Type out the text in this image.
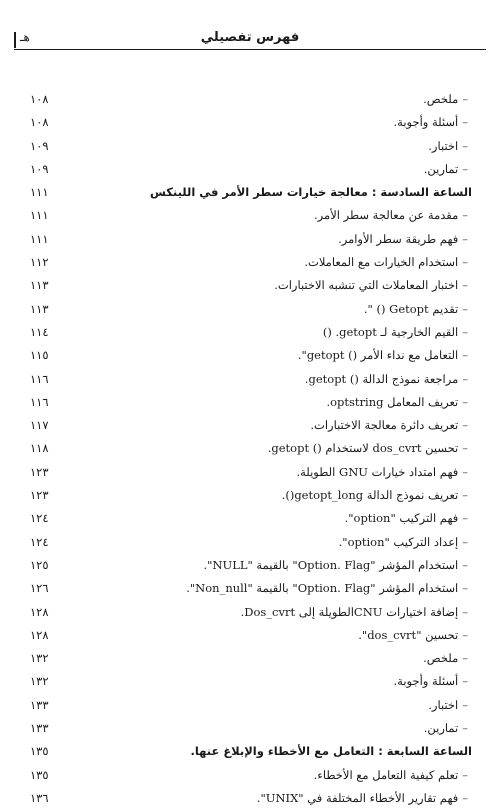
هـ	فهرس تفصيلي
–ملخص.
١٠٨
–أسئلة وأجوبة.
١٠٨
–اختبار.
١٠٩
–تمارين.
١٠٩
الساعة السادسة : معالجة خيارات سطر الأمر في اللينكس
١١١
–مقدمة عن معالجة سطر الأمر.
١١١
–فهم طريقة سطر الأوامر.
١١١
–استخدام الخيارات مع المعاملات.
١١٢
–اختبار المعاملات التي تنشبه الاختبارات.
١١٣
–تقديم Getopt () ".
١١٣
–القيم الخارجية لـ getopt. ()
١١٤
–التعامل مع نداء الأمر () getopt".
١١٥
–مراجعة نموذج الدالة () getopt.
١١٦
–تعريف المعامل optstring.
١١٦
–تعريف دائرة معالجة الاختبارات.
١١٧
–تحسين dos_cvrt لاستخدام () getopt.
١١٨
–فهم امتداد خيارات GNU الطويلة.
١٢٣
–تعريف نموذج الدالة getopt_long().
١٢٣
–فهم التركيب "option".
١٢٤
–إعداد التركيب "option".
١٢٤
–استخدام المؤشر "Option. Flag" بالقيمة "NULL".
١٢٥
–استخدام المؤشر "Option. Flag" بالقيمة "Non_null".
١٢٦
–إضافة اختيارات CNUالطويلة إلى Dos_cvrt.
١٢٨
–تحسين "dos_cvrt".
١٢٨
–ملخص.
١٣٢
–أسئلة وأجوبة.
١٣٢
–اختبار.
١٣٣
–تمارين.
١٣٣
الساعة السابعة : التعامل مع الأخطاء والإبلاغ عنها.
١٣٥
–تعلم كيفية التعامل مع الأخطاء.
١٣٥
–فهم تقارير الأخطاء المختلفة في "UNIX".
١٣٦
